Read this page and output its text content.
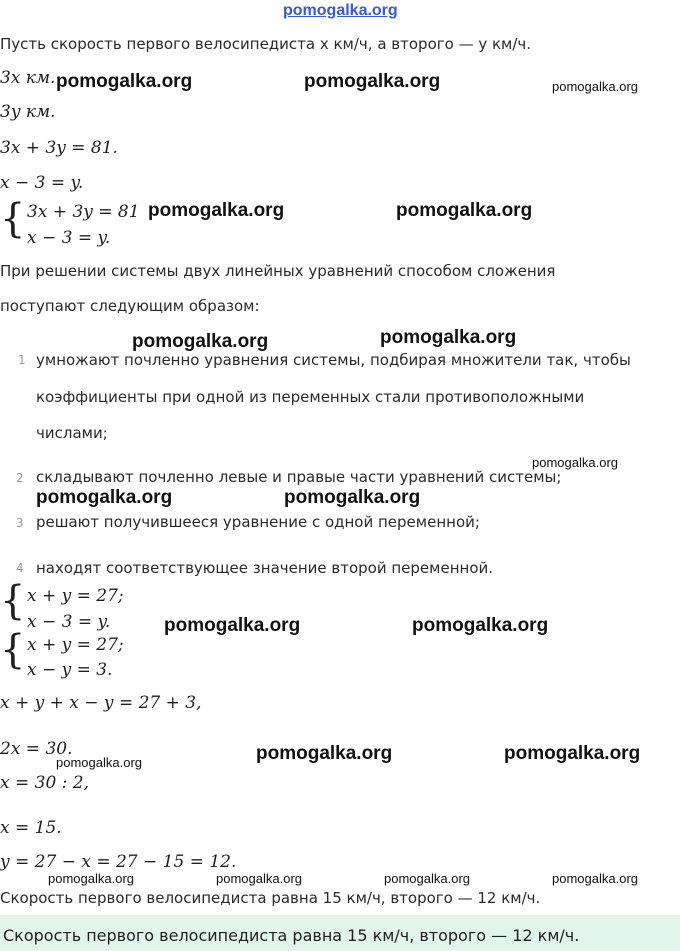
pomogalka.org
Пусть скорость первого велосипедиста x км/ч, а второго — y км/ч.
3x км.
3y км.
3x + 3y = 81.
x − 3 = y.
{ 3x + 3y = 81
x − 3 = y.
При решении системы двух линейных уравнений способом сложения
поступают следующим образом:
1 умножают почленно уравнения системы, подбирая множители так, чтобы
коэффициенты при одной из переменных стали противоположными
числами;
2 складывают почленно левые и правые части уравнений системы;
3 решают получившееся уравнение с одной переменной;
4 находят соответствующее значение второй переменной.
{ x + y = 27;
x − 3 = y.
{ x + y = 27;
x − y = 3.
x + y + x − y = 27 + 3,
2x = 30.
x = 30 : 2,
x = 15.
y = 27 − x = 27 − 15 = 12.
Скорость первого велосипедиста равна 15 км/ч, второго — 12 км/ч.
Скорость первого велосипедиста равна 15 км/ч, второго — 12 км/ч.
pomogalka.org	pomogalka.org	pomogalka.org
pomogalka.org	pomogalka.org
pomogalka.org	pomogalka.org
pomogalka.org
pomogalka.org	pomogalka.org
pomogalka.org	pomogalka.org
pomogalka.org	pomogalka.org
pomogalka.org
pomogalka.org	pomogalka.org	pomogalka.org	pomogalka.org
